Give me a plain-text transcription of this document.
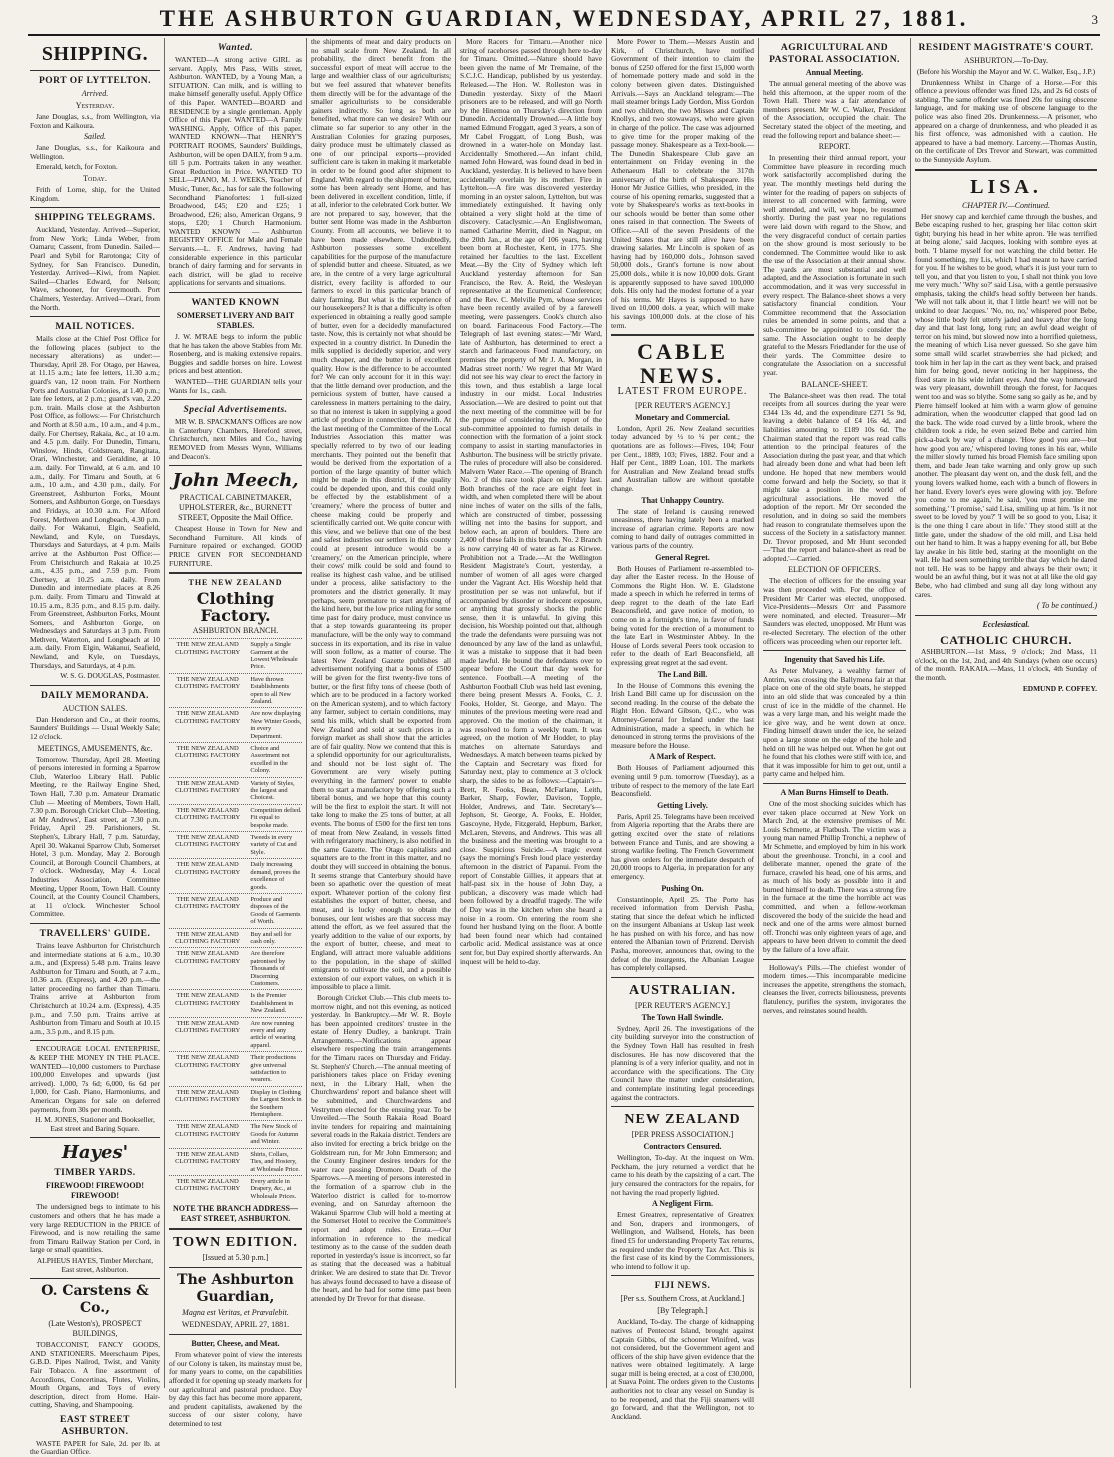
THE ASHBURTON GUARDIAN, WEDNESDAY, APRIL 27, 1881.	3
SHIPPING.
PORT OF LYTTELTON.
Arrived.
Yesterday.

Jane Douglas, s.s., from Wellington, via Foxton and Kaikoura.

Sailed.

Jane Douglas, s.s., for Kaikoura and Wellington.

Emerald, ketch, for Foxton.

Today.

Frith of Lorne, ship, for the United Kingdom.

SHIPPING TELEGRAMS.

Auckland, Yesterday. Arrived—Superior, from New York; Linda Weber, from Oamaru; Cassent, from Dunedin. Sailed—Pearl and Sybil for Rarotonga; City of Sydney, for San Francisco. Dunedin, Yesterday. Arrived—Kiwi, from Napier. Sailed—Charles Edward, for Nelson; Wave, schooner, for Greymouth. Port Chalmers, Yesterday. Arrived—Orari, from the North.

MAIL NOTICES.

Mails close at the Chief Post Office for the following places (subject to the necessary alterations) as under:— Thursday, April 28. For Otago, per Hawea, at 11.15 a.m.; late fee letters, 11.30 a.m.; guard's van, 12 noon train. For Northern Ports and Australian Colonies, at 1.40 p.m.; late fee letters, at 2 p.m.; guard's van, 2.20 p.m. train. Mails close at the Ashburton Post Office, as follows:— For Christchurch and North at 8.50 a.m., 10 a.m., and 4 p.m., daily. For Chertsey, Rakaia, &c., at 10 a.m. and 4.5 p.m. daily. For Dunedin, Timaru, Winslow, Hinds, Coldstream, Rangitata, Orari, Winchester, and Geraldine, at 10 a.m. daily. For Tinwald, at 6 a.m. and 10 a.m., daily. For Timaru and South, at 6 a.m., 10 a.m., and 4.30 p.m., daily. For Greenstreet, Ashburton Forks, Mount Somers, and Ashburton Gorge, on Tuesdays and Fridays, at 10.30 a.m. For Alford Forest, Methven and Longbeach, 4.30 p.m. daily. For Wakanui, Elgin, Seafield, Newland, and Kyle, on Tuesdays, Thursdays and Saturdays, at 4 p.m. Mails arrive at the Ashburton Post Office:— From Christchurch and Rakaia at 10.25 a.m., 4.35 p.m., and 7.59 p.m. From Chertsey, at 10.25 a.m. daily. From Dunedin and intermediate places at 8.26 p.m. daily. From Timaru and Tinwald at 10.15 a.m., 8.35 p.m., and 8.15 p.m. daily. From Greenstreet, Ashburton Forks, Mount Somers, and Ashburton Gorge, on Wednesdays and Saturdays at 3 p.m. From Methven, Waterton, and Longbeach at 10 a.m. daily. From Elgin, Wakanui, Seafield, Newland, and Kyle, on Tuesdays, Thursdays, and Saturdays, at 4 p.m.

W. S. G. DOUGLAS, Postmaster.

DAILY MEMORANDA.
AUCTION SALES.

Dan Henderson and Co., at their rooms, Saunders' Buildings — Usual Weekly Sale; 12 o'clock.

MEETINGS, AMUSEMENTS, &c.

Tomorrow. Thursday, April 28. Meeting of persons interested in forming a Sparrow Club, Waterloo Library Hall. Public Meeting, re the Railway Engine Shed, Town Hall, 7.30 p.m. Amateur Dramatic Club — Meeting of Members, Town Hall, 7.30 p.m. Borough Cricket Club—Meeting, at Mr Andrews', East street, at 7.30 p.m. Friday, April 29. Parishioners, St. Stephen's, Library Hall, 7 p.m. Saturday, April 30. Wakanui Sparrow Club, Somerset Hotel, 3 p.m. Monday, May 2. Borough Council, at Borough Council Chambers, at 7 o'clock. Wednesday, May 4. Local Industries Association, Committee Meeting, Upper Room, Town Hall. County Council, at the County Council Chambers, at 11 o'clock. Winchester School Committee.

TRAVELLERS' GUIDE.

Trains leave Ashburton for Christchurch and intermediate stations at 6 a.m., 10.30 a.m., and (Express) 5.48 p.m. Trains leave Ashburton for Timaru and South, at 7 a.m., 10.36 a.m. (Express), and 4.20 p.m.—the latter proceeding no farther than Timaru. Trains arrive at Ashburton from Christchurch at 10.24 a.m. (Express), 4.35 p.m., and 7.50 p.m. Trains arrive at Ashburton from Timaru and South at 10.15 a.m., 3.5 p.m., and 8.15 p.m.

ENCOURAGE LOCAL ENTERPRISE, & KEEP THE MONEY IN THE PLACE. WANTED—10,000 customers to Purchase 100,000 Envelopes and upwards (just arrived). 1,000, 7s 6d; 6,000, 6s 6d per 1,000, for Cash. Piano, Harmoniums, and American Organs for sale on deferred payments, from 30s per month.

H. M. JONES, Stationer and Bookseller, East street and Baring Square.

Hayes'
TIMBER YARDS.
FIREWOOD! FIREWOOD! FIREWOOD!

The undersigned begs to intimate to his customers and others that he has made a very large REDUCTION in the PRICE of Firewood, and is now retailing the same from Timaru Railway Station per Cord, in large or small quantities.

ALPHEUS HAYES, Timber Merchant, East street, Ashburton.

O. Carstens & Co.,
(Late Weston's), PROSPECT BUILDINGS,

TOBACCONIST, FANCY GOODS, AND STATIONERS. Meerschaum Pipes, G.B.D. Pipes Nailrod, Twist, and Vanity Fair Tobacco. A fine assortment of Accordions, Concertinas, Flutes, Violins, Mouth Organs, and Toys of every description, direct from Home. Hair-cutting, Shaving, and Shampooing.

EAST STREET ASHBURTON.

WASTE PAPER for Sale, 2d. per lb. at the Guardian Office.

Wanted.

WANTED—A strong active GIRL as servant. Apply, Mrs Pass, Wills street, Ashburton. WANTED, by a Young Man, a SITUATION. Can milk, and is willing to make himself generally useful. Apply Office of this Paper. WANTED—BOARD and RESIDENCE by a single gentleman. Apply Office of this Paper. WANTED—A Family WASHING. Apply, Office of this paper. WANTED KNOWN—That HENRY'S PORTRAIT ROOMS, Saunders' Buildings, Ashburton, will be open DAILY, from 9 a.m. till 5 p.m. Portraits taken in any weather. Great Reduction in Price. WANTED TO SELL—PIANO, M. J. WEEKS, Teacher of Music, Tuner, &c., has for sale the following Secondhand Pianofortes: 1 full-sized Broadwood, £45; £20 and £25; 1 Broadwood, £26; also, American Organs, 9 stops, £20; 1 Church Harmonium. WANTED KNOWN — Ashburton REGISTRY OFFICE for Male and Female Servants.—L. F. Andrews, having had considerable experience in this particular branch of dairy farming and for servants in each district, will be glad to receive applications for servants and situations.

WANTED KNOWN
SOMERSET LIVERY AND BAIT STABLES.

J. W. M'RAE begs to inform the public that he has taken the above Stables from Mr. Rosenberg, and is making extensive repairs. Buggies and saddle horses on hire. Lowest prices and best attention.

WANTED—THE GUARDIAN tells your Wants for 1s., cash.

Special Advertisements.

MR W. B. SPACKMAN'S Offices are now in Canterbury Chambers, Hereford street, Christchurch, next Miles and Co., having REMOVED from Messrs Wynn, Williams and Deacon's.

John Meech,
PRACTICAL CABINETMAKER, UPHOLSTERER, &c., BURNETT STREET, Opposite the Mail Office.

Cheapest House in Town for New and Secondhand Furniture. All kinds of Furniture repaired or exchanged. GOOD PRICE GIVEN FOR SECONDHAND FURNITURE.

THE NEW ZEALAND
Clothing Factory.
ASHBURTON BRANCH.
THE NEW ZEALAND CLOTHING FACTORY
Supply a Single Garment at the Lowest Wholesale Price.
THE NEW ZEALAND CLOTHING FACTORY
Have thrown Establishments open to all New Zealand.
THE NEW ZEALAND CLOTHING FACTORY
Are now displaying New Winter Goods, in every Department.
THE NEW ZEALAND CLOTHING FACTORY
Choice and Assortment not excelled in the Colony.
THE NEW ZEALAND CLOTHING FACTORY
Variety of Styles, the largest and Choicest.
THE NEW ZEALAND CLOTHING FACTORY
Competition defied. Fit equal to bespoke made.
THE NEW ZEALAND CLOTHING FACTORY
Tweeds in every variety of Cut and Style.
THE NEW ZEALAND CLOTHING FACTORY
Daily increasing demand, proves the excellence of goods.
THE NEW ZEALAND CLOTHING FACTORY
Produce and disposes of the Goods of Garments of Worth.
THE NEW ZEALAND CLOTHING FACTORY
Buy and sell for cash only.
THE NEW ZEALAND CLOTHING FACTORY
Are therefore patronised by Thousands of Discerning Customers.
THE NEW ZEALAND CLOTHING FACTORY
Is the Premier Establishment in New Zealand.
THE NEW ZEALAND CLOTHING FACTORY
Are now running every and any article of wearing apparel.
THE NEW ZEALAND CLOTHING FACTORY
Their productions give universal satisfaction to wearers.
THE NEW ZEALAND CLOTHING FACTORY
Display in Clothing the Largest Stock in the Southern Hemisphere.
THE NEW ZEALAND CLOTHING FACTORY
The New Stock of Goods for Autumn and Winter.
THE NEW ZEALAND CLOTHING FACTORY
Shirts, Collars, Ties, and Hosiery, at Wholesale Price.
THE NEW ZEALAND CLOTHING FACTORY
Every article in Drapery, &c., at Wholesale Prices.
NOTE THE BRANCH ADDRESS— EAST STREET, ASHBURTON.
TOWN EDITION.
[Issued at 5.30 p.m.]
The Ashburton Guardian,
Magna est Veritas, et Prævalebit.
WEDNESDAY, APRIL 27, 1881.
Butter, Cheese, and Meat.

From whatever point of view the interests of our Colony is taken, its mainstay must be, for many years to come, on the capabilities afforded it for opening up steady markets for our agricultural and pastoral produce. Day by day this fact has become more apparent, and prudent capitalists, awakened by the success of our sister colony, have determined to test

the shipments of meat and dairy products on no small scale from New Zealand. In all probability, the direct benefit from the successful export of meat will accrue to the large and wealthier class of our agriculturists; but we feel assured that whatever benefits them directly will be for the advantage of the smaller agriculturists to be considerable gainers indirectly. So long as both are benefited, what more can we desire? With our climate so far superior to any other in the Australian Colonies for grazing purposes, dairy produce must be ultimately classed as one of our principal exports—provided sufficient care is taken in making it marketable in order to be found good after shipment to England. With regard to the shipment of butter, some has been already sent Home, and has been delivered in excellent condition, little, if at all, inferior to the celebrated Cork butter. We are not prepared to say, however, that the butter sent Home was made in the Ashburton County. From all accounts, we believe it to have been made elsewhere. Undoubtedly, Ashburton possesses some excellent capabilities for the purpose of the manufacture of splendid butter and cheese. Situated, as we are, in the centre of a very large agricultural district, every facility is afforded to our farmers to excel in this particular branch of dairy farming. But what is the experience of our housekeepers? It is that a difficulty is often experienced in obtaining a really good sample of butter, even for a decidedly manufactured taste. Now, this is certainly not what should be expected in a country district. In Dunedin the milk supplied is decidedly superior, and very much cheaper, and the butter is of excellent quality. How is the difference to be accounted for? We can only account for it in this way: that the little demand over production, and the pernicious system of butter, have caused a carelessness in matters pertaining to the dairy, so that no interest is taken in supplying a good article of produce in connection therewith. At the last meeting of the Committee of the Local Industries Association this matter was specially referred to by two of our leading merchants. They pointed out the benefit that would be derived from the exportation of a portion of the large quantity of butter which might be made in this district, if the quality could be depended upon, and this could only be effected by the establishment of a 'creamery,' where the process of butter and cheese making could be properly and scientifically carried out. We quite concur with this view, and we believe that one of the best and safest industries our settlers in this county could at present introduce would be a 'creamery,' on the American principle, where their cows' milk could be sold and found to realise its highest cash value, and be utilised under a process, alike satisfactory to the promoters and the district generally. It may perhaps, seem premature to start anything of the kind here, but the low price ruling for some time past for dairy produce, must convince us that a step towards guaranteeing its proper manufacture, will be the only way to command success in its exportation, and its rise in value will soon follow, as a matter of course. The latest New Zealand Gazette publishes all advertisement notifying that a bonus of £500 will be given for the first twenty-five tons of butter, or the first fifty tons of cheese (both of which are to be produced in a factory worked on the American system), and to which factory any farmer, subject to certain conditions, may send his milk, which shall be exported from New Zealand and sold at such prices in a foreign market as shall show that the articles are of fair quality. Now we contend that this is a splendid opportunity for our agriculturalists, and should not be lost sight of. The Government are very wisely putting everything in the farmers' power to enable them to start a manufactory by offering such a liberal bonus, and we hope that this county will be the first to exploit the start. It will not take long to make the 25 tons of butter, at all events. The bonus of £500 for the first ten tons of meat from New Zealand, in vessels fitted with refrigeratory machinery, is also notified in the same Gazette. The Otago capitalists and squatters are to the front in this matter, and no doubt they will succeed in obtaining the bonus. It seems strange that Canterbury should have been so apathetic over the question of meat export. Whatever portion of the colony first establishes the export of butter, cheese, and meat, and is lucky enough to obtain the bonuses, our lent wishes are that success may attend the effort, as we feel assured that the yearly addition to the value of our exports, by the export of butter, cheese, and meat to England, will attract more valuable additions to the population, in the shape of skilled emigrants to cultivate the soil, and a possible extension of our export values, on which it is impossible to place a limit.

Borough Cricket Club.—This club meets to-morrow night, and not this evening, as noticed yesterday. In Bankruptcy.—Mr W. R. Boyle has been appointed creditors' trustee in the estate of Henry Dudley, a bankrupt. Train Arrangements.—Notifications appear elsewhere respecting the train arrangements for the Timaru races on Thursday and Friday. St. Stephen's' Church.—The annual meeting of parishioners takes place on Friday evening next, in the Library Hall, when the Churchwardens' report and balance sheet will be submitted, and Churchwardens and Vestrymen elected for the ensuing year. To be Unveiled.—The South Rakaia Road Board invite tenders for repairing and maintaining several roads in the Rakaia district. Tenders are also invited for erecting a brick bridge on the Goldstream run, for Mr John Emmerson; and the County Engineer desires tenders for the water race passing Dromore. Death of the Sparrows.—A meeting of persons interested in the formation of a sparrow club in the Waterloo district is called for to-morrow evening, and on Saturday afternoon the Wakanui Sparrow Club will hold a meeting at the Somerset Hotel to receive the Committee's report and adopt rules. Errata.—Our information in reference to the medical testimony as to the cause of the sudden death reported in yesterday's issue is incorrect, so far as stating that the deceased was a habitual drinker. We are desired to state that Dr. Trevor has always found deceased to have a disease of the heart, and he had for some time past been attended by Dr Trevor for that disease.

More Racers for Timaru.—Another nice string of racehorses passed through here to-day for Timaru. Omitted.—Nature should have been given the name of Mr Tremaine, of the S.C.J.C. Handicap, published by us yesterday. Released.—The Hon. W. Rolleston was in Dunedin yesterday. Sixty of the Maori prisoners are to be released, and will go North by the Hinemoa on Thursday's direction from Dunedin. Accidentally Drowned.—A little boy named Edmund Froggatt, aged 3 years, a son of Mr Cabel Froggatt, of Long Bush, was drowned in a water-hole on Monday last. Accidentally Smothered.—An infant child, named John Howard, was found dead in bed in Auckland, yesterday. It is believed to have been accidentally overlain by its mother. Fire in Lyttelton.—A fire was discovered yesterday morning in an oyster saloon, Lyttelton, but was immediately extinguished. It having only obtained a very slight hold at the time of discovery. Cataclysmic.—An Englishwoman, named Catharine Merritt, died in Nagpur, on the 20th Jan., at the age of 106 years, having been born at Rochester, Kent, in 1775. She retained her faculties to the last. Excellent Meat.—By the City of Sydney which left Auckland yesterday afternoon for San Francisco, the Rev. A. Reid, the Wesleyan representative at the Ecumenical Conference; and the Rev. C. Melville Pym, whose services have been recently availed of by a farewell meeting, were passengers. Cook's church also on board. Farinaceous Food Factory.—The Telegraph of last evening states:—'Mr Ward, late of Ashburton, has determined to erect a starch and farinaceous Food manufactory, on premises the property of Mr J. A. Morgan, in Madras street north.' We regret that Mr Ward did not see his way clear to erect the factory in this town, and thus establish a large local industry in our midst. Local Industries Association.—We are desired to point out that the next meeting of the committee will be for the purpose of considering the report of the sub-committee appointed to furnish details in connection with the formation of a joint stock company to assist in starting manufactories in Ashburton. The business will be strictly private. The rules of procedure will also be considered. Malvern Water Race.—The opening of Branch No. 2 of this race took place on Friday last. Both branches of the race are eight feet in width, and when completed there will be about nine inches of water on the sills of the falls, which are constructed of timber, possessing willing net into the basins for support, and below each, an apron of boulders. There are 2,400 of these falls in this branch. No. 2 Branch is now carrying 40 of water as far as Kirwee. Prohibition not a Trade.—At the Wellington Resident Magistrate's Court, yesterday, a number of women of all ages were charged under the Vagrant Act. His Worship held that prostitution per se was not unlawful, but if accompanied by disorder or indecent exposure, or anything that grossly shocks the public sense, then it is unlawful. In giving this decision, his Worship pointed out that, although the trade the defendants were pursuing was not denounced by any law of the land as unlawful, it was a mistake to suppose that it had been made lawful. He bound the defendants over to appear before the Court that day week for sentence. Football.—A meeting of the Ashburton Football Club was held last evening, there being present Messrs A. Fooks, C. J. Fooks, Holder, St. George, and Mayo. The minutes of the previous meeting were read and approved. On the motion of the chairman, it was resolved to form a weekly team. It was agreed, on the motion of Mr Hodder, to play matches on alternate Saturdays and Wednesdays. A match between teams picked by the Captain and Secretary was fixed for Saturday next, play to commence at 3 o'clock sharp, the sides to be as follows:—Captain's—Brett, R. Fooks, Bean, McFarlane, Leith, Barker, Sharp, Fowler, Davison, Topple, Holder, Andrews, and Tate. Secretary's—Jephson, St. George, A. Fooks, E. Holder, Gascoyne, Hyde, Fitzgerald, Hepburn, Barker, McLaren, Stevens, and Andrews. This was all the business and the meeting was brought to a close. Suspicious Suicide.—A tragic event (says the morning's Fresh loud place yesterday afternoon in the district of Papanui. From the report of Constable Gillies, it appears that at half-past six in the house of John Day, a publican, a discovery was made which had been followed by a dreadful tragedy. The wife of Day was in the kitchen when she heard a noise in a room. On entering the room she found her husband lying on the floor. A bottle had been found near which had contained carbolic acid. Medical assistance was at once sent for, but Day expired shortly afterwards. An inquest will be held to-day.

More Power to Them.—Messrs Austin and Kirk, of Christchurch, have notified Government of their intention to claim the bonus of £250 offered for the first 15,000 worth of homemade pottery made and sold in the colony between given dates. Distinguished Arrivals.—Says an Auckland telegram:—The mail steamer brings Lady Gordon, Miss Gordon and two children, the two Misses and Captain Knollys, and two stowaways, who were given in charge of the police. The case was adjourned to give time for the proper making of the passage money. Shakespeare as a Text-book.—The Dunedin Shakespeare Club gave an entertainment on Friday evening in the Athenaeum Hall to celebrate the 317th anniversary of the birth of Shakespeare. His Honor Mr Justice Gillies, who presided, in the course of his opening remarks, suggested that a vote by Shakespeare's works as text-books in our schools would be better than some other ones raised in that connection. The Sweets of Office.—All of the seven Presidents of the United States that are still alive have been drawing salaries. Mr Lincoln is spoken of as having had by 160,000 dols., Johnson saved 50,000 dols., Grant's fortune is now about 25,000 dols., while it is now 10,000 dols. Grant is apparently supposed to have saved 100,000 dols. His only had the modest fortune of a year of his terms. Mr Hayes is supposed to have lived on 10,000 dols. a year, which will make his savings 100,000 dols. at the close of his term.

CABLE NEWS.
LATEST FROM EUROPE.
[PER REUTER'S AGENCY.]
Monetary and Commercial.

London, April 26. New Zealand securities today advanced by ½ to ¼ per cent.; the quotations are as follows:—Fives, 104; Four per Cent., 1889, 103; Fives, 1882. Four and a Half per Cent., 1889 Loan, 101. The markets for Australian and New Zealand bread stuffs and Australian tallow are without quotable change.

That Unhappy Country.

The state of Ireland is causing renewed uneasiness, there having lately been a marked increase of agrarian crime. Reports are now coming to hand daily of outrages committed in various parts of the country.

General Regret.

Both Houses of Parliament re-assembled to-day after the Easter recess. In the House of Commons the Right Hon. W. E. Gladstone made a speech in which he referred in terms of deep regret to the death of the late Earl Beaconsfield, and gave notice of motion, to come on in a fortnight's time, in favor of funds being voted for the erection of a monument to the late Earl in Westminster Abbey. In the House of Lords several Peers took occasion to refer to the death of Earl Beaconsfield, all expressing great regret at the sad event.

The Land Bill.

In the House of Commons this evening the Irish Land Bill came up for discussion on the second reading. In the course of the debate the Right Hon. Edward Gibson, Q.C., who was Attorney-General for Ireland under the last Administration, made a speech, in which he denounced in strong terms the provisions of the measure before the House.

A Mark of Respect.

Both Houses of Parliament adjourned this evening until 9 p.m. tomorrow (Tuesday), as a tribute of respect to the memory of the late Earl Beaconsfield.

Getting Lively.

Paris, April 25. Telegrams have been received from Algeria reporting that the Arabs there are getting excited over the state of relations between France and Tunis, and are showing a strong warlike feeling. The French Government has given orders for the immediate despatch of 20,000 troops to Algeria, in preparation for any emergency.

Pushing On.

Constantinople, April 25. The Porte has received information from Dervish Pasha, stating that since the defeat which he inflicted on the insurgent Albanians at Uskup last week he has pushed on with his force, and has now entered the Albanian town of Prizrend. Dervish Pasha, moreover, announces that, owing to the defeat of the insurgents, the Albanian League has completely collapsed.

AUSTRALIAN.
[PER REUTER'S AGENCY.]
The Town Hall Swindle.

Sydney, April 26. The investigations of the city building surveyor into the construction of the Sydney Town Hall has resulted in fresh disclosures. He has now discovered that the planning is of a very inferior quality, and not in accordance with the specifications. The City Council have the matter under consideration, and contemplate instituting legal proceedings against the contractors.

NEW ZEALAND
[PER PRESS ASSOCIATION.]
Contractors Censured.

Wellington, To-day. At the inquest on Wm. Peckham, the jury returned a verdict that he came to his death by the capsizing of a cart. The jury censured the contractors for the repairs, for not having the road properly lighted.

A Negligent Firm.

Ernest Greatrex, representative of Greatrex and Son, drapers and ironmongers, of Wellington, and Wallsend, Hotels, has been fined £5 for understanding Property Tax returns, as required under the Property Tax Act. This is the first case of its kind by the Commissioners, who intend to follow it up.

FIJI NEWS.
[Per s.s. Southern Cross, at Auckland.]
[By Telegraph.]

Auckland, To-day. The charge of kidnapping natives of Pentecost Island, brought against Captain Gibbs, of the schooner Winifred, was not considered, but the Government agent and officers of the ship have given evidence that the natives were obtained legitimately. A large sugar mill is being erected, at a cost of £30,000, at Suava Point. The orders given to the Customs authorities not to clear any vessel on Sunday is to be reopened, and that the Fiji steamers will go forward, and that the Wellington, not to Auckland.

AGRICULTURAL AND PASTORAL ASSOCIATION.
Annual Meeting.

The annual general meeting of the above was held this afternoon, at the upper room of the Town Hall. There was a fair attendance of members present. Mr W. C. Walker, President of the Association, occupied the chair. The Secretary stated the object of the meeting, and read the following report and balance sheet:—

REPORT.

In presenting their third annual report, your Committee have pleasure in recording much work satisfactorily accomplished during the year. The monthly meetings held during the winter for the reading of papers on subjects of interest to all concerned with farming, were well attended, and will, we hope, be resumed shortly. During the past year no regulations were laid down with regard to the Show, and the very disgraceful conduct of certain parties on the show ground is most seriously to be condemned. The Committee would like to ask the use of the Association at their annual show. The yards are most substantial and well adapted, and the Association is fortunate in such accommodation, and it was very successful in every respect. The Balance-sheet shows a very satisfactory financial condition. Your Committee recommend that the Association rules be amended in some points, and that a sub-committee be appointed to consider the same. The Association ought to be deeply grateful to the Messrs Friedlander for the use of their yards. The Committee desire to congratulate the Association on a successful year.

BALANCE-SHEET.

The Balance-sheet was then read. The total receipts from all sources during the year were £344 13s 4d, and the expenditure £271 5s 9d, leaving a debit balance of £4 16s 4d, and liabilities amounting to £189 10s 6d. The Chairman stated that the report was read calls attention to the principal features of the Association during the past year, and that which had already been done and what had been left undone. He hoped that new members would come forward and help the Society, so that it might take a position in the world of agricultural associations. He moved the adoption of the report. Mr Orr seconded the resolution, and in doing so said the members had reason to congratulate themselves upon the success of the Society in a satisfactory manner. Dr. Trevor proposed, and Mr Hunt seconded—'That the report and balance-sheet as read be adopted.'—Carried.

ELECTION OF OFFICERS.

The election of officers for the ensuing year was then proceeded with. For the office of President Mr Carter was elected, unopposed. Vice-Presidents—Messrs Orr and Passmore were nominated, and elected. Treasurer—Mr Saunders was elected, unopposed. Mr Hunt was re-elected Secretary. The election of the other officers was proceeding when our reporter left.

Ingenuity that Saved his Life.

As Peter Mulvaney, a wealthy farmer of Antrim, was crossing the Ballymena fair at that place on one of the old style boats, he stepped into an old slide that was concealed by a thin crust of ice in the middle of the channel. He was a very large man, and his weight made the ice give way, and he went down at once. Finding himself drawn under the ice, he seized upon a large stone on the edge of the hole and held on till he was helped out. When he got out he found that his clothes were stiff with ice, and that it was impossible for him to get out, until a party came and helped him.

A Man Burns Himself to Death.

One of the most shocking suicides which has ever taken place occurred at New York on March 2nd, at the extensive premises of Mr. Louis Schmette, at Flatbush. The victim was a young man named Phillip Tronchi, a nephew of Mr Schmette, and employed by him in his work about the greenhouse. Tronchi, in a cool and deliberate manner, opened the grate of the furnace, crawled his head, one of his arms, and as much of his body as possible into it and burned himself to death. There was a strong fire in the furnace at the time the horrible act was committed, and when a fellow-workman discovered the body of the suicide the head and neck and one of the arms were almost burned off. Tronchi was only eighteen years of age, and appears to have been driven to commit the deed by the failure of a love affair.

Holloway's Pills.—The chiefest wonder of modern times.—This incomparable medicine increases the appetite, strengthens the stomach, cleanses the liver, corrects biliousness, prevents flatulency, purifies the system, invigorates the nerves, and reinstates sound health.

RESIDENT MAGISTRATE'S COURT.
ASHBURTON.—To-Day.

(Before his Worship the Mayor and W. C. Walker, Esq., J.P.)

Drunkenness Whilst in Charge of a Horse.—For this offence a previous offender was fined 12s, and 2s 6d costs of stabling. The same offender was fined 20s for using obscene language, and for making use of obscene language to the police was also fined 20s. Drunkenness.—A prisoner, who appeared on a charge of drunkenness, and who pleaded it as his first offence, was admonished with a caution. He appeared to have a bad memory. Larceny.—Thomas Austin, on the certificate of Drs Trevor and Stewart, was committed to the Sunnyside Asylum.

LISA.
CHAPTER IV.—Continued.

Her snowy cap and kerchief came through the bushes, and Bebe escaping rushed to her, grasping her lilac cotton skirt tight; burying his head in her white apron. 'He was terrified at being alone,' said Jacques, looking with sombre eyes at both. 'I blame myself for not watching the child better. He found something, my Lis, which I had meant to have carried for you. If he wishes to be good, what's it is just your turn to tell you, and that you listen to you, I shall not think you love me very much.' 'Why so?' said Lisa, with a gentle persuasive emphasis, taking the child's head softly between her hands. 'We will not talk about it, that I little heart! we will not be unkind to dear Jacques.' 'No, no, no,' whispered poor Bebe, whose little body felt utterly jaded and heavy after the long day and that last long, long run; an awful dead weight of terror on his mind, but slowed now into a horrified quietness, the meaning of which Lisa never guessed. So she gave him some small wild scarlet strawberries she had picked; and took him in her lap in the cart as they went back, and praised him for being good, never noticing in her happiness, the fixed stare in his wide infant eyes. And the way homeward was very pleasant, downhill through the forest, for Jacques went too and was so blythe. Some sang so gaily as he, and by Pierre himself looked at him with a warm glow of genuine admiration, when the woodcutter clapped that good lad on the back. The wide road curved by a little brook, where the children took a ride, he even seized Bebe and carried him pick-a-back by way of a change. 'How good you are—but how good you are,' whispered loving tones in his ear, while the miller slowly turned his broad Flemish face smiling upon them, and bade Jean take warning and only grow up such another. The pleasant day went on, and the dusk fell, and the young lovers walked home, each with a bunch of flowers in her hand. Every lover's eyes were glowing with joy. 'Before you come to me again,' he said, 'you must promise me something.' 'I promise,' said Lisa, smiling up at him. 'Is it not sweet to be loved by you?' 'I will be so good to you, Lisa; it is the one thing I care about in life.' They stood still at the little gate, under the shadow of the old mill, and Lisa held out her hand to him. It was a happy evening for all, but Bebe lay awake in his little bed, staring at the moonlight on the wall. He had seen something terrible that day which he dared not tell. He was to be happy and always be their own; it would be an awful thing, but it was not at all like the old gay Bebe, who had climbed and sung all day long without any cares.

( To be continued.)
Ecclesiastical.
CATHOLIC CHURCH.

ASHBURTON.—1st Mass, 9 o'clock; 2nd Mass, 11 o'clock, on the 1st, 2nd, and 4th Sundays (when one occurs) of the month. RAKAIA.—Mass, 11 o'clock, 4th Sunday of the month.

EDMUND P. COFFEY.
